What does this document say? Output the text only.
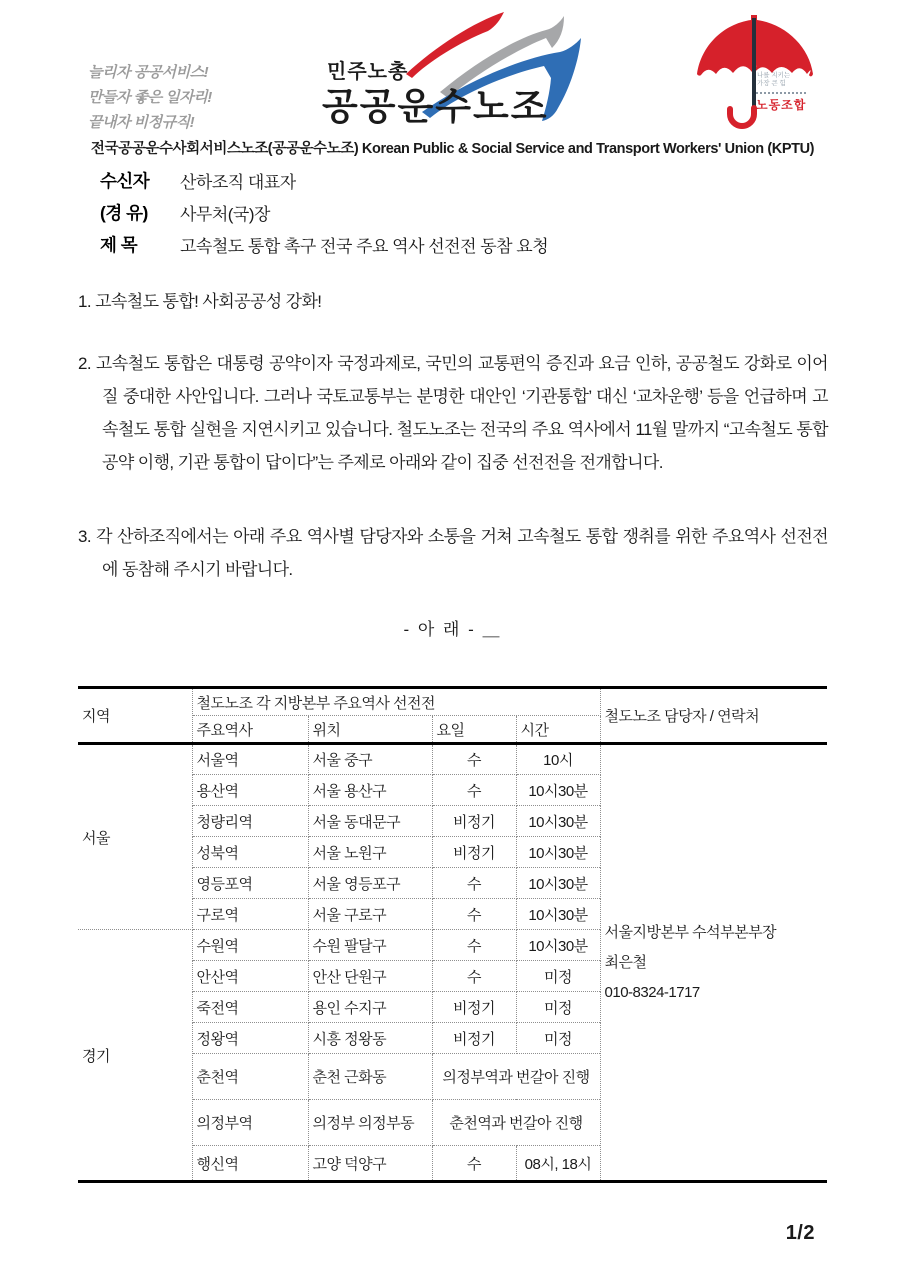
늘리자 공공서비스!
만들자 좋은 일자리!
끝내자 비정규직!
민주노총
공공운수노조
나를 지키는
가장 큰 힘
노동조합
전국공공운수사회서비스노조(공공운수노조) Korean Public & Social Service and Transport Workers' Union (KPTU)
수신자	산하조직 대표자
(경 유)	사무처(국)장
제 목	고속철도 통합 촉구 전국 주요 역사 선전전 동참 요청
1. 고속철도 통합! 사회공공성 강화!
2. 고속철도 통합은 대통령 공약이자 국정과제로, 국민의 교통편익 증진과 요금 인하, 공공철도 강화로 이어질 중대한 사안입니다. 그러나 국토교통부는 분명한 대안인 ‘기관통합’ 대신 ‘교차운행’ 등을 언급하며 고속철도 통합 실현을 지연시키고 있습니다. 철도노조는 전국의 주요 역사에서 11월 말까지 “고속철도 통합 공약 이행, 기관 통합이 답이다”는 주제로 아래와 같이 집중 선전전을 전개합니다.
3. 각 산하조직에서는 아래 주요 역사별 담당자와 소통을 거쳐 고속철도 통합 쟁취를 위한 주요역사 선전전에 동참해 주시기 바랍니다.
- 아 래 - ＿
지역	철도노조 각 지방본부 주요역사 선전전				철도노조 담당자 / 연락처
	주요역사	위치	요일	시간	
서울	서울역	서울 중구	수	10시	서울지방본부 수석부본부장
최은철
010-8324-1717

	용산역	서울 용산구	수	10시30분	
	청량리역	서울 동대문구	비정기	10시30분	
	성북역	서울 노원구	비정기	10시30분	
	영등포역	서울 영등포구	수	10시30분	
	구로역	서울 구로구	수	10시30분	
경기	수원역	수원 팔달구	수	10시30분	
	안산역	안산 단원구	수	미정	
	죽전역	용인 수지구	비정기	미정	
	정왕역	시흥 정왕동	비정기	미정	
	춘천역	춘천 근화동	의정부역과 번갈아 진행		
	의정부역	의정부 의정부동	춘천역과 번갈아 진행		
	행신역	고양 덕양구	수	08시, 18시	
1/2
